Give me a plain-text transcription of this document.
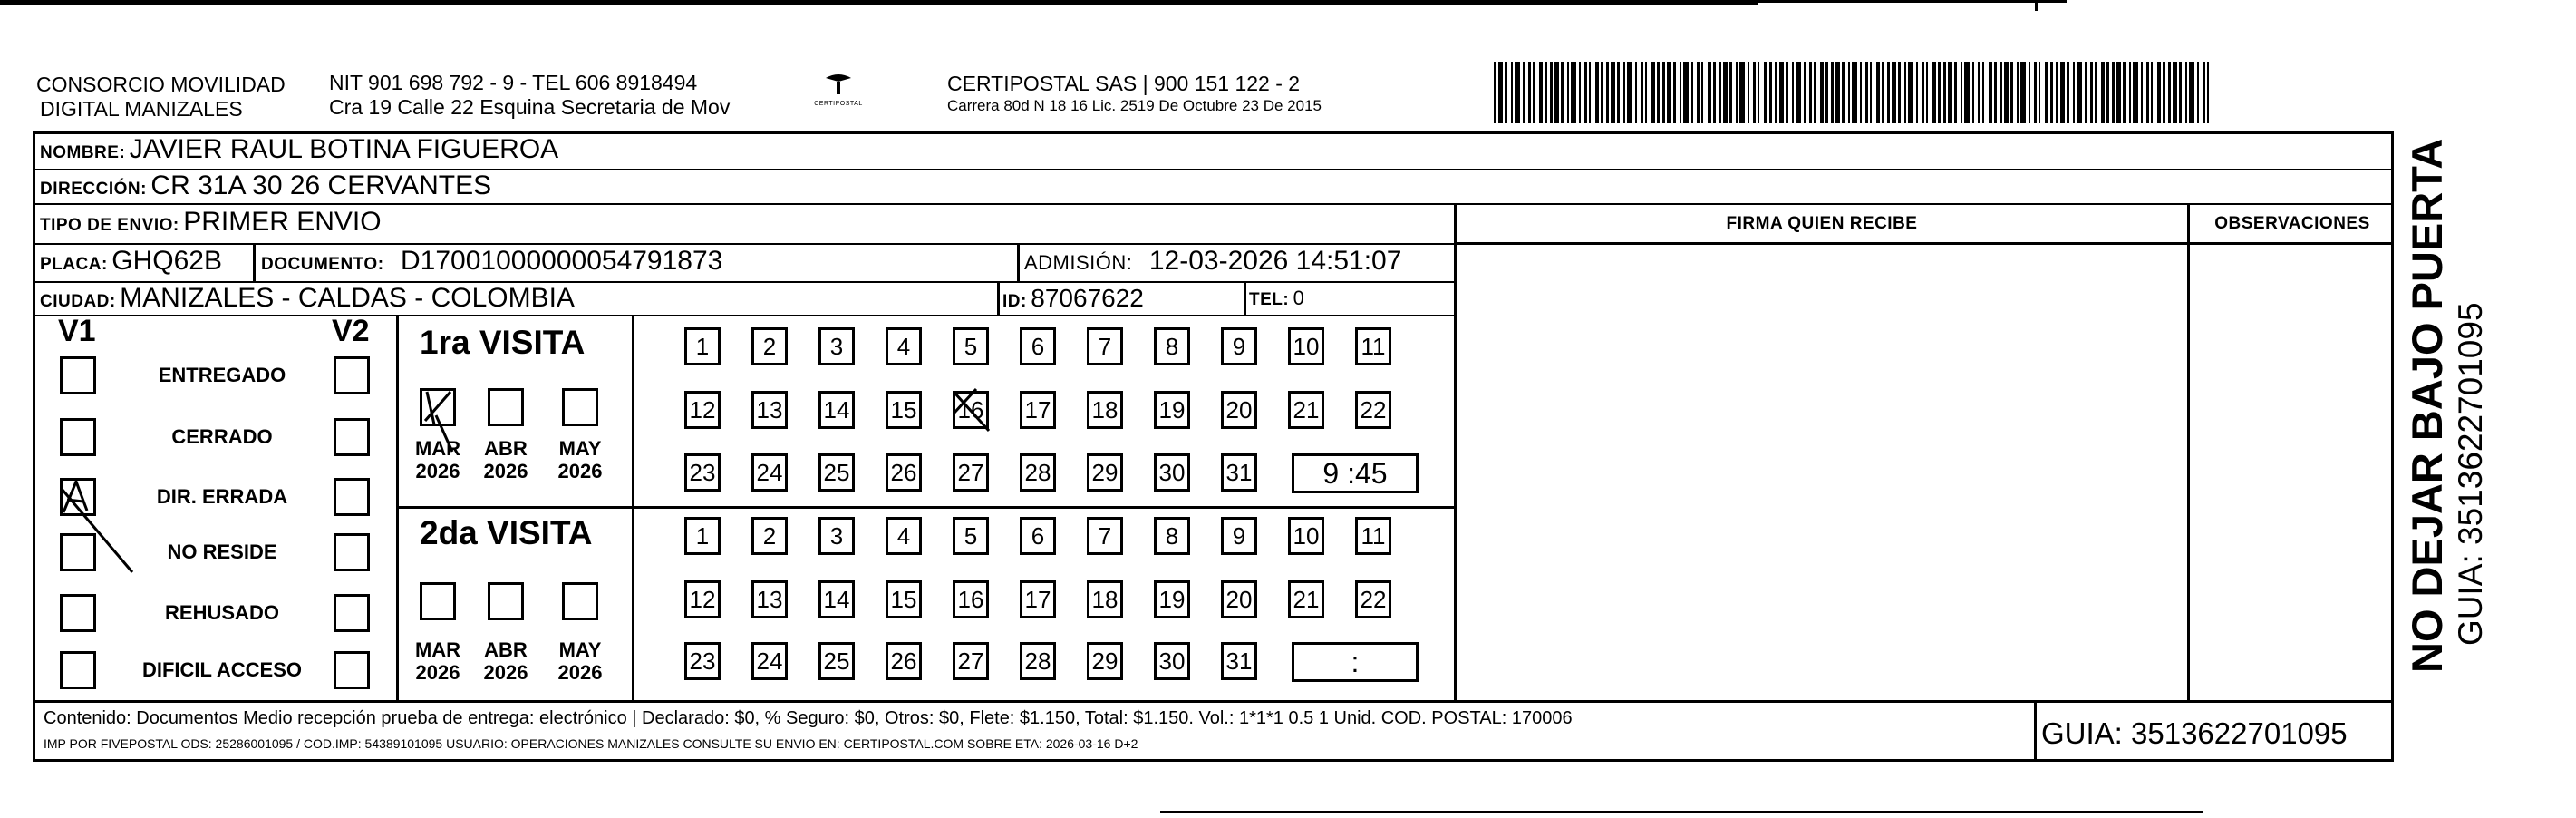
CONSORCIO MOVILIDAD
DIGITAL MANIZALES
NIT 901 698 792 - 9 - TEL 606 8918494
Cra 19 Calle 22 Esquina Secretaria de Mov	CERTIPOSTAL
CERTIPOSTAL SAS | 900 151 122 - 2
Carrera 80d N 18 16 Lic. 2519 De Octubre 23 De 2015
NOMBRE: JAVIER RAUL BOTINA FIGUEROA
DIRECCIÓN: CR 31A 30 26 CERVANTES
TIPO DE ENVIO: PRIMER ENVIO	FIRMA QUIEN RECIBE	OBSERVACIONES
PLACA: GHQ62B DOCUMENTO: D17001000000054791873	ADMISIÓN: 12-03-2026 14:51:07
CIUDAD: MANIZALES - CALDAS - COLOMBIA	ID: 87067622	TEL: 0
V1	V2
ENTREGADO
CERRADO
DIR. ERRADA
NO RESIDE
REHUSADO
DIFICIL ACCESO
1ra VISITA
2da VISITA
1	2	3	4	5	6	7	8	9	10 11
12 13 14 15 16 17 18 19 20 21 22
23 24 25 26 27 28 29 30 31	9 :45
1	2	3	4	5	6	7	8	9	10 11
12 13 14 15 16 17 18 19 20 21 22
23 24 25 26 27 28 29 30 31	:
MAR
2026
ABR
2026
MAY
2026
MAR
2026
ABR
2026
MAY
2026
Contenido: Documentos Medio recepción prueba de entrega: electrónico | Declarado: $0, % Seguro: $0, Otros: $0, Flete: $1.150, Total: $1.150. Vol.: 1*1*1 0.5 1 Unid. COD. POSTAL: 170006
IMP POR FIVEPOSTAL ODS: 25286001095 / COD.IMP: 54389101095 USUARIO: OPERACIONES MANIZALES CONSULTE SU ENVIO EN: CERTIPOSTAL.COM SOBRE ETA: 2026-03-16 D+2	GUIA: 3513622701095
NO DEJAR BAJO PUERTA GUIA: 3513622701095
